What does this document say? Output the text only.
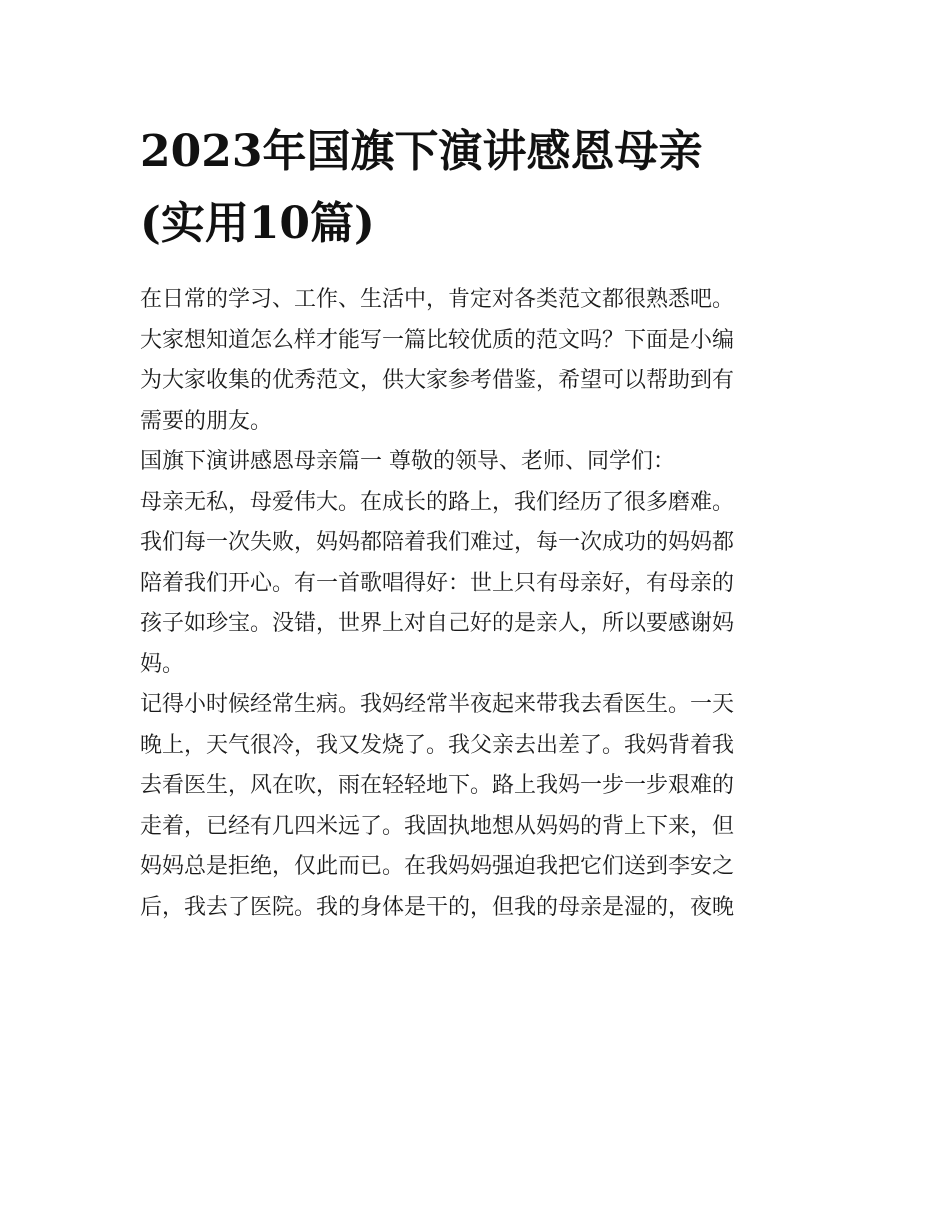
2023年国旗下演讲感恩母亲
(实用10篇)
在日常的学习、工作、生活中，肯定对各类范文都很熟悉吧。
大家想知道怎么样才能写一篇比较优质的范文吗？下面是小编
为大家收集的优秀范文，供大家参考借鉴，希望可以帮助到有
需要的朋友。
国旗下演讲感恩母亲篇一 尊敬的领导、老师、同学们：
母亲无私，母爱伟大。在成长的路上，我们经历了很多磨难。
我们每一次失败，妈妈都陪着我们难过，每一次成功的妈妈都
陪着我们开心。有一首歌唱得好：世上只有母亲好，有母亲的
孩子如珍宝。没错，世界上对自己好的是亲人，所以要感谢妈
妈。
记得小时候经常生病。我妈经常半夜起来带我去看医生。一天
晚上，天气很冷，我又发烧了。我父亲去出差了。我妈背着我
去看医生，风在吹，雨在轻轻地下。路上我妈一步一步艰难的
走着，已经有几四米远了。我固执地想从妈妈的背上下来，但
妈妈总是拒绝，仅此而已。在我妈妈强迫我把它们送到李安之
后，我去了医院。我的身体是干的，但我的母亲是湿的，夜晚
